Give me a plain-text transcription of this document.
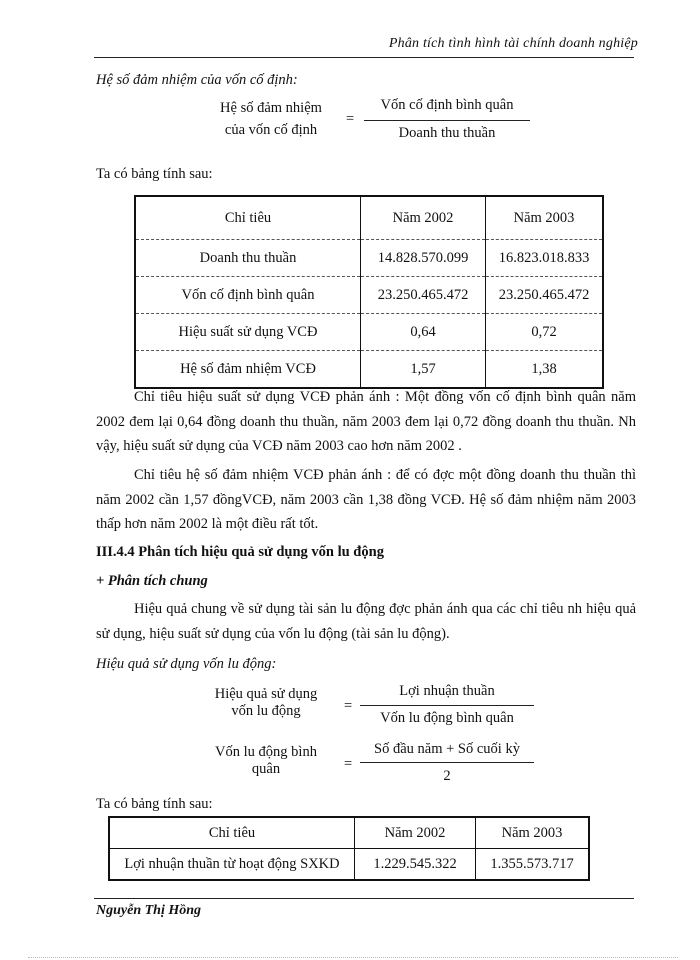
Phân tích tình hình tài chính doanh nghiệp
Hệ số đảm nhiệm của vốn cố định:
Hệ số đảm nhiệm
của vốn cố định
=
Vốn cố định bình quân
Doanh thu thuần
Ta có bảng tính sau:
Chỉ tiêu	Năm 2002	Năm 2003
Doanh thu thuần	14.828.570.099	16.823.018.833
Vốn cố định bình quân	23.250.465.472	23.250.465.472
Hiệu suất sử dụng VCĐ	0,64	0,72
Hệ số đảm nhiệm VCĐ	1,57	1,38
Chỉ tiêu hiệu suất sử dụng VCĐ phản ánh : Một đồng vốn cố định bình quân năm 2002 đem lại 0,64 đồng doanh thu thuần, năm 2003 đem lại 0,72 đồng doanh thu thuần. Nh vậy, hiệu suất sử dụng của VCĐ năm 2003 cao hơn năm 2002 .
Chỉ tiêu hệ số đảm nhiệm VCĐ phản ánh : để có đợc một đồng doanh thu thuần thì năm 2002 cần 1,57 đồngVCĐ, năm 2003 cần 1,38 đồng VCĐ. Hệ số đảm nhiệm năm 2003 thấp hơn năm 2002 là một điều rất tốt.
III.4.4 Phân tích hiệu quả sử dụng vốn lu động
+ Phân tích chung
Hiệu quả chung về sử dụng tài sản lu động đợc phản ánh qua các chỉ tiêu nh hiệu quả sử dụng, hiệu suất sử dụng của vốn lu động (tài sản lu động).
Hiệu quả sử dụng vốn lu động:
Hiệu quả sử dụng
vốn lu động	=
Lợi nhuận thuần
Vốn lu động bình quân
Vốn lu động bình
quân	=
Số đầu năm + Số cuối kỳ
2
Ta có bảng tính sau:
Chỉ tiêu	Năm 2002	Năm 2003
Lợi nhuận thuần từ hoạt động SXKD	1.229.545.322	1.355.573.717
Nguyễn Thị Hồng
